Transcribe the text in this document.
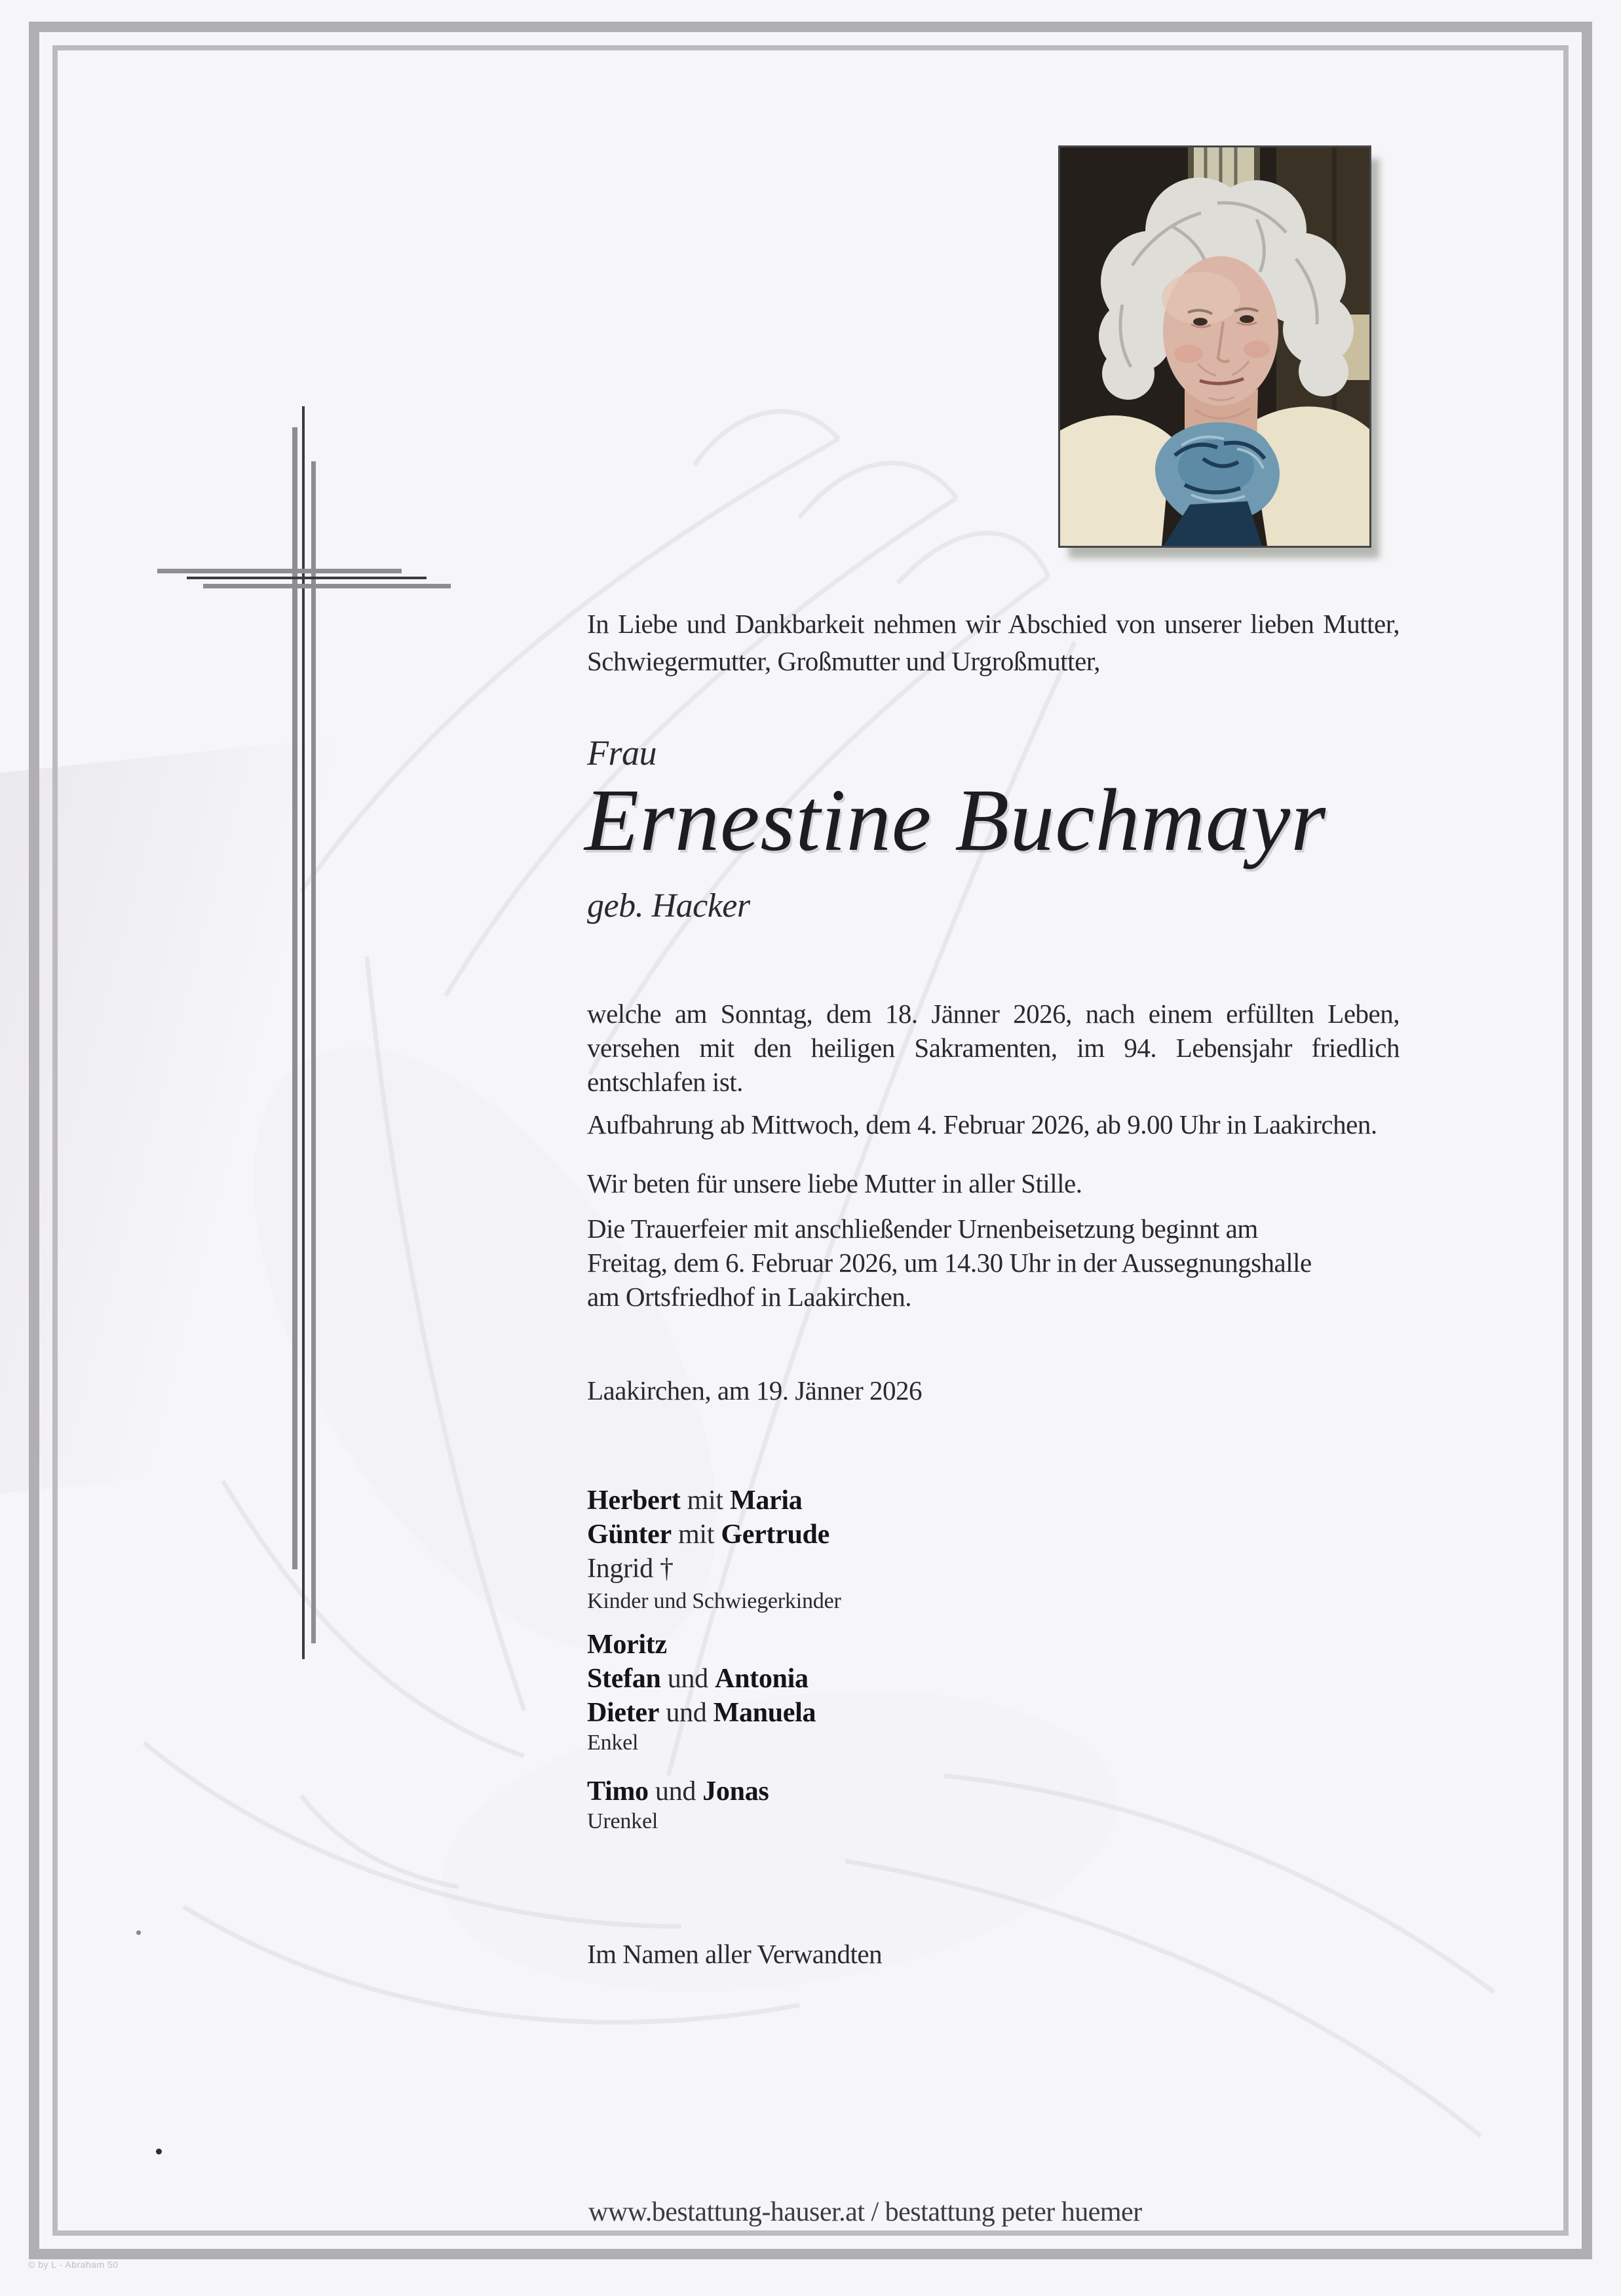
In Liebe und Dankbarkeit nehmen wir Abschied von unserer lieben Mutter,
Schwiegermutter, Großmutter und Urgroßmutter,
Frau
Ernestine Buchmayr
geb. Hacker
welche am Sonntag, dem 18. Jänner 2026, nach einem erfüllten Leben,
versehen mit den heiligen Sakramenten, im 94. Lebensjahr friedlich
entschlafen ist.
Aufbahrung ab Mittwoch, dem 4. Februar 2026, ab 9.00 Uhr in Laakirchen.
Wir beten für unsere liebe Mutter in aller Stille.
Die Trauerfeier mit anschließender Urnenbeisetzung beginnt am
Freitag, dem 6. Februar 2026, um 14.30 Uhr in der Aussegnungshalle
am Ortsfriedhof in Laakirchen.
Laakirchen, am 19. Jänner 2026
Herbert mit Maria
Günter mit Gertrude
Ingrid †
Kinder und Schwiegerkinder
Moritz
Stefan und Antonia
Dieter und Manuela
Enkel
Timo und Jonas
Urenkel
Im Namen aller Verwandten
www.bestattung-hauser.at / bestattung peter huemer
© by L - Abraham 50
